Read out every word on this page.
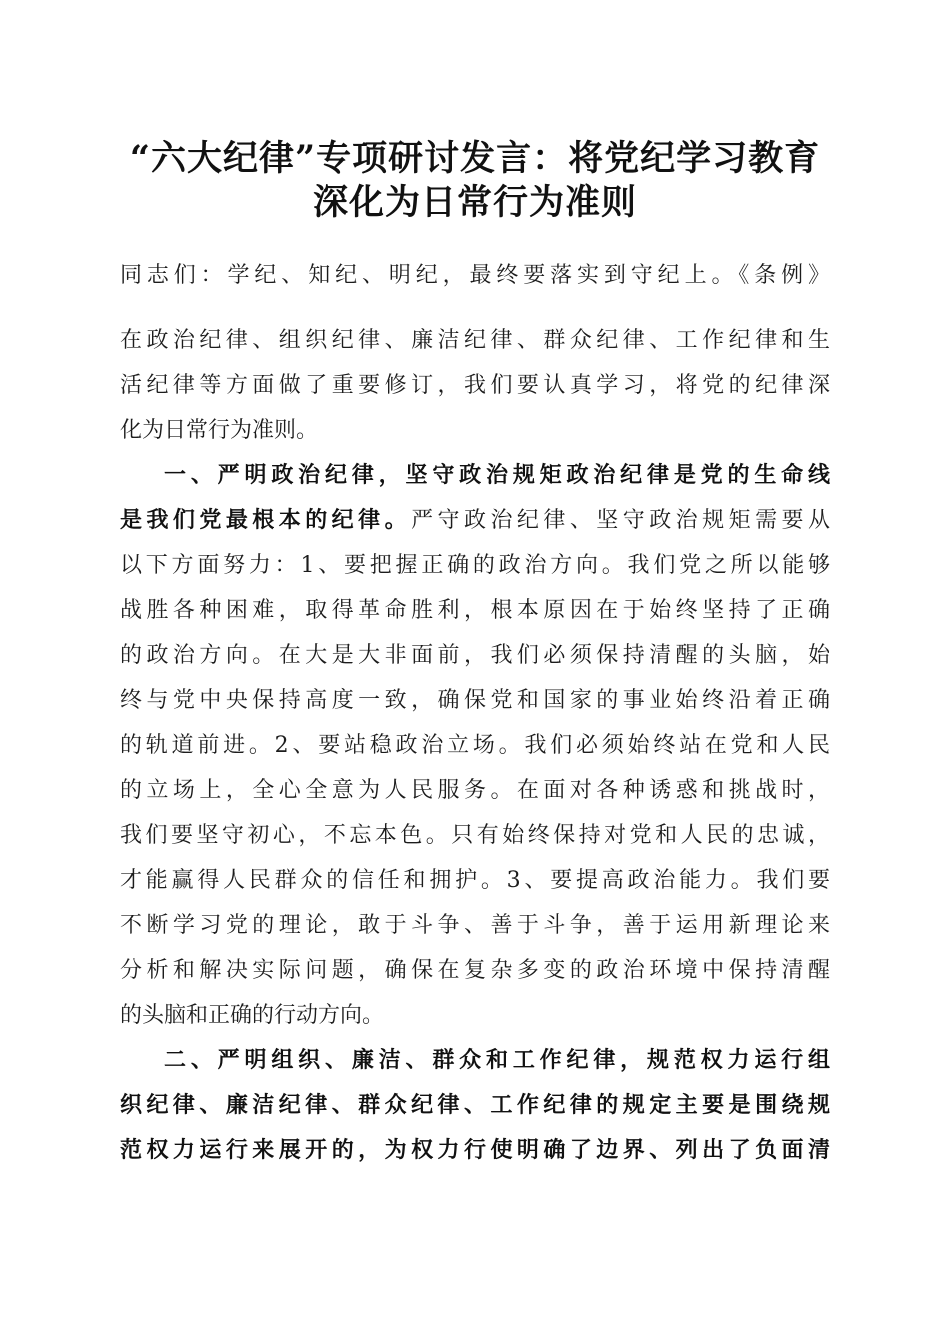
“六大纪律”专项研讨发言：将党纪学习教育
深化为日常行为准则
同志们：学纪、知纪、明纪，最终要落实到守纪上。《条例》
在政治纪律、组织纪律、廉洁纪律、群众纪律、工作纪律和生
活纪律等方面做了重要修订，我们要认真学习，将党的纪律深
化为日常行为准则。
一、严明政治纪律，坚守政治规矩政治纪律是党的生命线
是我们党最根本的纪律。严守政治纪律、坚守政治规矩需要从
以下方面努力：1、要把握正确的政治方向。我们党之所以能够
战胜各种困难，取得革命胜利，根本原因在于始终坚持了正确
的政治方向。在大是大非面前，我们必须保持清醒的头脑，始
终与党中央保持高度一致，确保党和国家的事业始终沿着正确
的轨道前进。2、要站稳政治立场。我们必须始终站在党和人民
的立场上，全心全意为人民服务。在面对各种诱惑和挑战时，
我们要坚守初心，不忘本色。只有始终保持对党和人民的忠诚，
才能赢得人民群众的信任和拥护。3、要提高政治能力。我们要
不断学习党的理论，敢于斗争、善于斗争，善于运用新理论来
分析和解决实际问题，确保在复杂多变的政治环境中保持清醒
的头脑和正确的行动方向。
二、严明组织、廉洁、群众和工作纪律，规范权力运行组
织纪律、廉洁纪律、群众纪律、工作纪律的规定主要是围绕规
范权力运行来展开的，为权力行使明确了边界、列出了负面清
